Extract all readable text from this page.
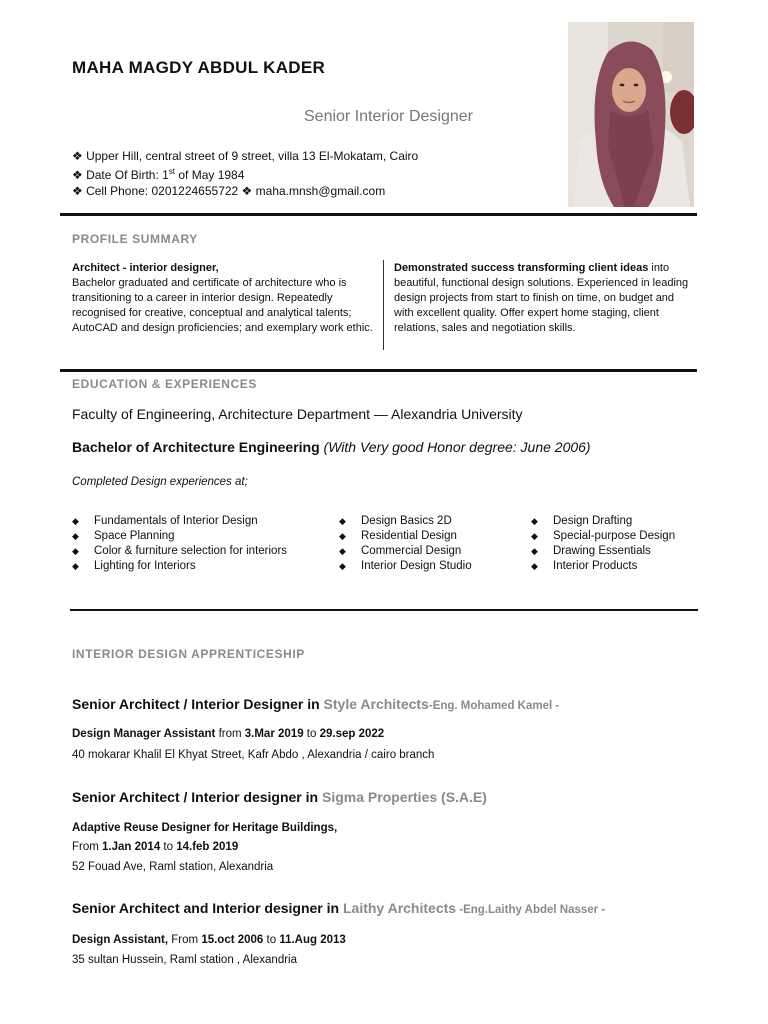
MAHA MAGDY ABDUL KADER
Senior Interior Designer
❖ Upper Hill, central street of 9 street, villa 13 El-Mokatam, Cairo
❖ Date Of Birth: 1st of May 1984
❖ Cell Phone: 0201224655722 ❖ maha.mnsh@gmail.com
PROFILE SUMMARY
Architect - interior designer,
Bachelor graduated and certificate of architecture who is transitioning to a career in interior design. Repeatedly recognised for creative, conceptual and analytical talents; AutoCAD and design proficiencies; and exemplary work ethic.
Demonstrated success transforming client ideas into beautiful, functional design solutions. Experienced in leading design projects from start to finish on time, on budget and with excellent quality. Offer expert home staging, client relations, sales and negotiation skills.
EDUCATION & EXPERIENCES
Faculty of Engineering, Architecture Department — Alexandria University
Bachelor of Architecture Engineering (With Very good Honor degree: June 2006)
Completed Design experiences at;
◆	Fundamentals of Interior Design
◆	Space Planning
◆	Color & furniture selection for interiors
◆	Lighting for Interiors
◆	Design Basics 2D
◆	Residential Design
◆	Commercial Design
◆	Interior Design Studio
◆	Design Drafting
◆	Special-purpose Design
◆	Drawing Essentials
◆	Interior Products
INTERIOR DESIGN APPRENTICESHIP
Senior Architect / Interior Designer in Style Architects-Eng. Mohamed Kamel -
Design Manager Assistant from 3.Mar 2019 to 29.sep 2022
40 mokarar Khalil El Khyat Street, Kafr Abdo , Alexandria / cairo branch
Senior Architect / Interior designer in Sigma Properties (S.A.E)
Adaptive Reuse Designer for Heritage Buildings,
From 1.Jan 2014 to 14.feb 2019
52 Fouad Ave, Raml station, Alexandria
Senior Architect and Interior designer in Laithy Architects -Eng.Laithy Abdel Nasser -
Design Assistant, From 15.oct 2006 to 11.Aug 2013
35 sultan Hussein, Raml station , Alexandria
